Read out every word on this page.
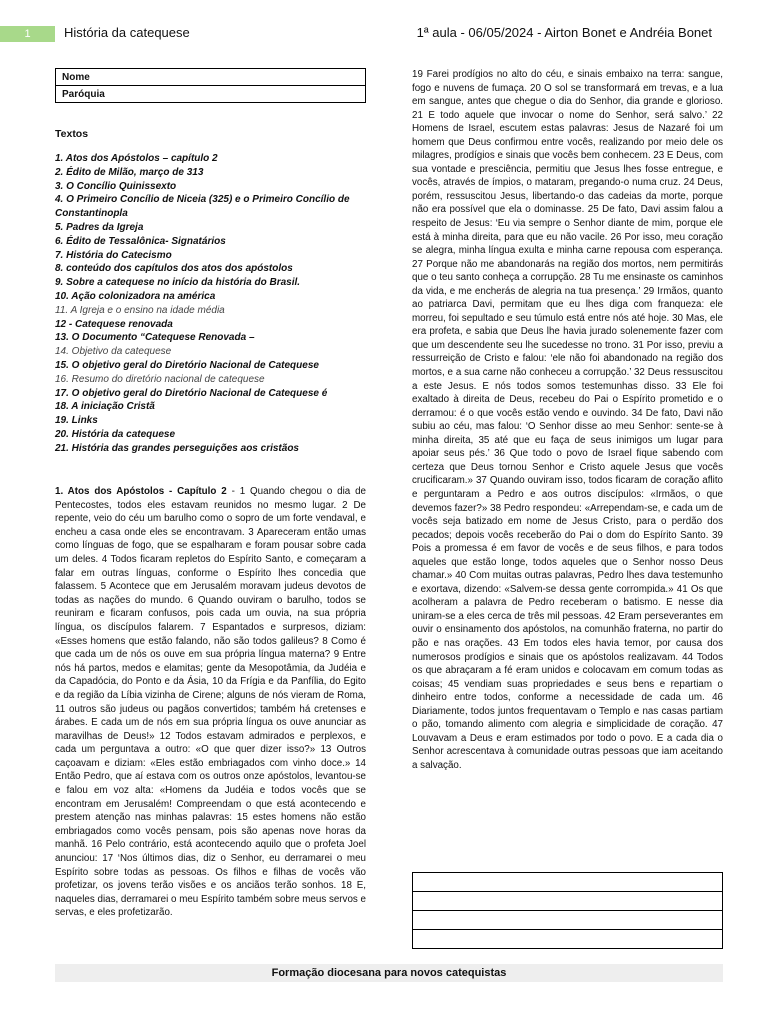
1	História da catequese	1ª aula - 06/05/2024 - Airton Bonet e Andréia Bonet
Nome
Paróquia
Textos
1. Atos dos Apóstolos – capítulo 2
2. Édito de Milão, março de 313
3. O Concílio Quinissexto
4. O Primeiro Concílio de Niceia (325) e o Primeiro Concílio de Constantinopla
5. Padres da Igreja
6. Édito de Tessalônica- Signatários
7. História do Catecismo
8. conteúdo dos capítulos dos atos dos apóstolos
9. Sobre a catequese no início da história do Brasil.
10. Ação colonizadora na américa
11. A Igreja e o ensino na idade média
12 - Catequese renovada
13. O Documento “Catequese Renovada –
14. Objetivo da catequese
15. O objetivo geral do Diretório Nacional de Catequese
16. Resumo do diretório nacional de catequese
17. O objetivo geral do Diretório Nacional de Catequese é
18. A iniciação Cristã
19. Links
20. História da catequese
21. História das grandes perseguições aos cristãos
1. Atos dos Apóstolos - Capítulo 2 - 1 Quando chegou o dia de Pentecostes, todos eles estavam reunidos no mesmo lugar. 2 De repente, veio do céu um barulho como o sopro de um forte vendaval, e encheu a casa onde eles se encontravam. 3 Apareceram então umas como línguas de fogo, que se espalharam e foram pousar sobre cada um deles. 4 Todos ficaram repletos do Espírito Santo, e começaram a falar em outras línguas, conforme o Espírito lhes concedia que falassem. 5 Acontece que em Jerusalém moravam judeus devotos de todas as nações do mundo. 6 Quando ouviram o barulho, todos se reuniram e ficaram confusos, pois cada um ouvia, na sua própria língua, os discípulos falarem. 7 Espantados e surpresos, diziam: «Esses homens que estão falando, não são todos galileus? 8 Como é que cada um de nós os ouve em sua própria língua materna? 9 Entre nós há partos, medos e elamitas; gente da Mesopotâmia, da Judéia e da Capadócia, do Ponto e da Ásia, 10 da Frígia e da Panfília, do Egito e da região da Líbia vizinha de Cirene; alguns de nós vieram de Roma, 11 outros são judeus ou pagãos convertidos; também há cretenses e árabes. E cada um de nós em sua própria língua os ouve anunciar as maravilhas de Deus!» 12 Todos estavam admirados e perplexos, e cada um perguntava a outro: «O que quer dizer isso?» 13 Outros caçoavam e diziam: «Eles estão embriagados com vinho doce.» 14 Então Pedro, que aí estava com os outros onze apóstolos, levantou-se e falou em voz alta: «Homens da Judéia e todos vocês que se encontram em Jerusalém! Compreendam o que está acontecendo e prestem atenção nas minhas palavras: 15 estes homens não estão embriagados como vocês pensam, pois são apenas nove horas da manhã. 16 Pelo contrário, está acontecendo aquilo que o profeta Joel anunciou: 17 ‘Nos últimos dias, diz o Senhor, eu derramarei o meu Espírito sobre todas as pessoas. Os filhos e filhas de vocês vão profetizar, os jovens terão visões e os anciãos terão sonhos. 18 E, naqueles dias, derramarei o meu Espírito também sobre meus servos e servas, e eles profetizarão.
19 Farei prodígios no alto do céu, e sinais embaixo na terra: sangue, fogo e nuvens de fumaça. 20 O sol se transformará em trevas, e a lua em sangue, antes que chegue o dia do Senhor, dia grande e glorioso. 21 E todo aquele que invocar o nome do Senhor, será salvo.’ 22 Homens de Israel, escutem estas palavras: Jesus de Nazaré foi um homem que Deus confirmou entre vocês, realizando por meio dele os milagres, prodígios e sinais que vocês bem conhecem. 23 E Deus, com sua vontade e presciência, permitiu que Jesus lhes fosse entregue, e vocês, através de ímpios, o mataram, pregando-o numa cruz. 24 Deus, porém, ressuscitou Jesus, libertando-o das cadeias da morte, porque não era possível que ela o dominasse. 25 De fato, Davi assim falou a respeito de Jesus: ‘Eu via sempre o Senhor diante de mim, porque ele está à minha direita, para que eu não vacile. 26 Por isso, meu coração se alegra, minha língua exulta e minha carne repousa com esperança. 27 Porque não me abandonarás na região dos mortos, nem permitirás que o teu santo conheça a corrupção. 28 Tu me ensinaste os caminhos da vida, e me encherás de alegria na tua presença.’ 29 Irmãos, quanto ao patriarca Davi, permitam que eu lhes diga com franqueza: ele morreu, foi sepultado e seu túmulo está entre nós até hoje. 30 Mas, ele era profeta, e sabia que Deus lhe havia jurado solenemente fazer com que um descendente seu lhe sucedesse no trono. 31 Por isso, previu a ressurreição de Cristo e falou: ‘ele não foi abandonado na região dos mortos, e a sua carne não conheceu a corrupção.’ 32 Deus ressuscitou a este Jesus. E nós todos somos testemunhas disso. 33 Ele foi exaltado à direita de Deus, recebeu do Pai o Espírito prometido e o derramou: é o que vocês estão vendo e ouvindo. 34 De fato, Davi não subiu ao céu, mas falou: ‘O Senhor disse ao meu Senhor: sente-se à minha direita, 35 até que eu faça de seus inimigos um lugar para apoiar seus pés.’ 36 Que todo o povo de Israel fique sabendo com certeza que Deus tornou Senhor e Cristo aquele Jesus que vocês crucificaram.» 37 Quando ouviram isso, todos ficaram de coração aflito e perguntaram a Pedro e aos outros discípulos: «Irmãos, o que devemos fazer?» 38 Pedro respondeu: «Arrependam-se, e cada um de vocês seja batizado em nome de Jesus Cristo, para o perdão dos pecados; depois vocês receberão do Pai o dom do Espírito Santo. 39 Pois a promessa é em favor de vocês e de seus filhos, e para todos aqueles que estão longe, todos aqueles que o Senhor nosso Deus chamar.» 40 Com muitas outras palavras, Pedro lhes dava testemunho e exortava, dizendo: «Salvem-se dessa gente corrompida.» 41 Os que acolheram a palavra de Pedro receberam o batismo. E nesse dia uniram-se a eles cerca de três mil pessoas. 42 Eram perseverantes em ouvir o ensinamento dos apóstolos, na comunhão fraterna, no partir do pão e nas orações. 43 Em todos eles havia temor, por causa dos numerosos prodígios e sinais que os apóstolos realizavam. 44 Todos os que abraçaram a fé eram unidos e colocavam em comum todas as coisas; 45 vendiam suas propriedades e seus bens e repartiam o dinheiro entre todos, conforme a necessidade de cada um. 46 Diariamente, todos juntos frequentavam o Templo e nas casas partiam o pão, tomando alimento com alegria e simplicidade de coração. 47 Louvavam a Deus e eram estimados por todo o povo. E a cada dia o Senhor acrescentava à comunidade outras pessoas que iam aceitando a salvação.

Formação diocesana para novos catequistas
